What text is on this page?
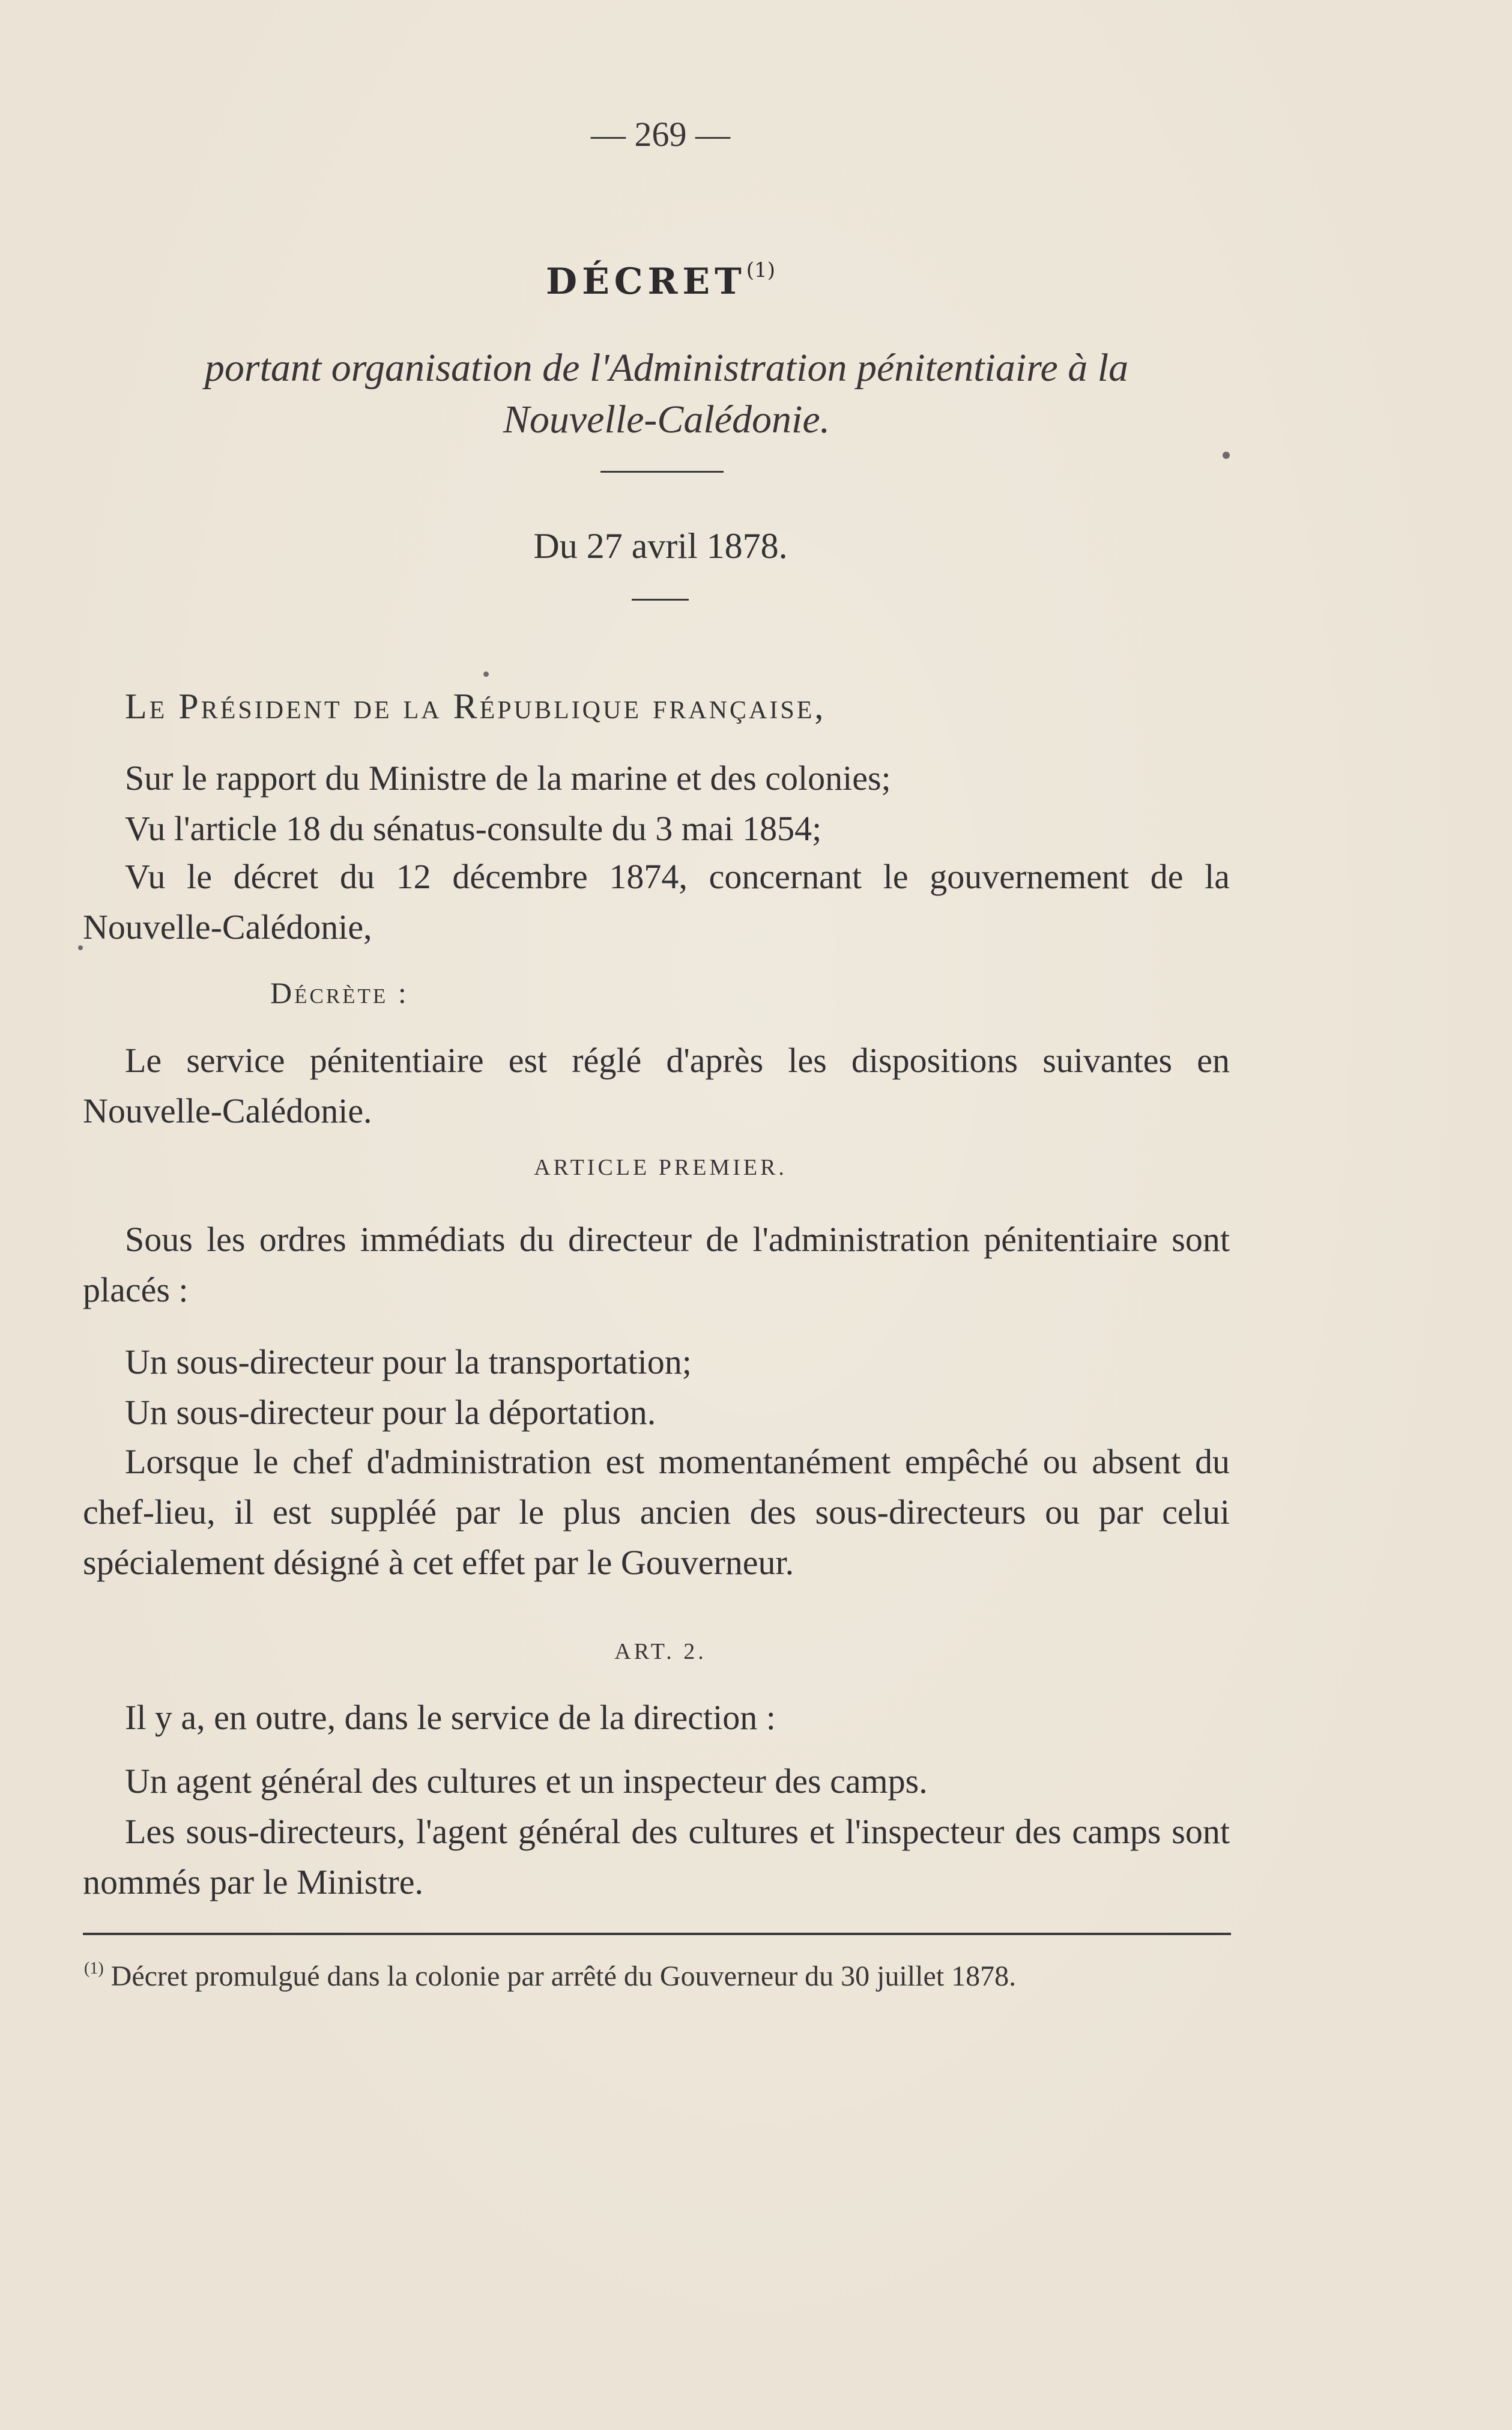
— 269 —
DÉCRET$^{(1)}$
portant organisation de l'Administration pénitentiaire à la Nouvelle-Calédonie.
Du 27 avril 1878.
Le Président de la République française,
Sur le rapport du Ministre de la marine et des colonies;
Vu l'article 18 du sénatus-consulte du 3 mai 1854;
Vu le décret du 12 décembre 1874, concernant le gouvernement de la Nouvelle-Calédonie,
Décrète :
Le service pénitentiaire est réglé d'après les dispositions suivantes en Nouvelle-Calédonie.
ARTICLE PREMIER.
Sous les ordres immédiats du directeur de l'administration pénitentiaire sont placés :
Un sous-directeur pour la transportation;
Un sous-directeur pour la déportation.
Lorsque le chef d'administration est momentanément empêché ou absent du chef-lieu, il est suppléé par le plus ancien des sous-directeurs ou par celui spécialement désigné à cet effet par le Gouverneur.
ART. 2.
Il y a, en outre, dans le service de la direction :
Un agent général des cultures et un inspecteur des camps.
Les sous-directeurs, l'agent général des cultures et l'inspecteur des camps sont nommés par le Ministre.
$^{(1)}$ Décret promulgué dans la colonie par arrêté du Gouverneur du 30 juillet 1878.
